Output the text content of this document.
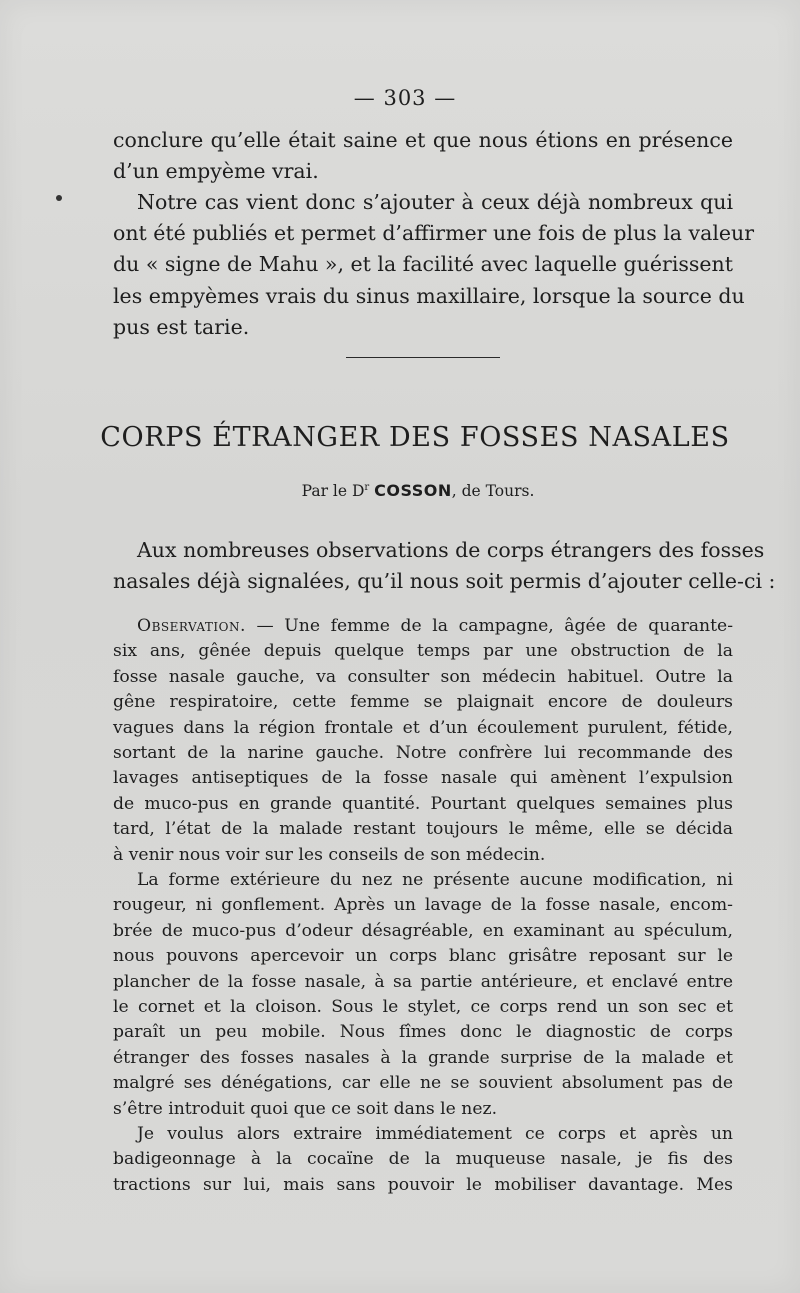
— 303 —

conclure qu’elle était saine et que nous étions en présence
d’un empyème vrai.

Notre cas vient donc s’ajouter à ceux déjà nombreux qui
ont été publiés et permet d’affirmer une fois de plus la valeur
du « signe de Mahu », et la facilité avec laquelle guérissent
les empyèmes vrais du sinus maxillaire, lorsque la source du
pus est tarie.

CORPS ÉTRANGER DES FOSSES NASALES
Par le $D^r$ COSSON, de Tours.

Aux nombreuses observations de corps étrangers des fosses
nasales déjà signalées, qu’il nous soit permis d’ajouter celle-ci :

Observation. — Une femme de la campagne, âgée de quarante-
six ans, gênée depuis quelque temps par une obstruction de la
fosse nasale gauche, va consulter son médecin habituel. Outre la
gêne respiratoire, cette femme se plaignait encore de douleurs
vagues dans la région frontale et d’un écoulement purulent, fétide,
sortant de la narine gauche. Notre confrère lui recommande des
lavages antiseptiques de la fosse nasale qui amènent l’expulsion
de muco-pus en grande quantité. Pourtant quelques semaines plus
tard, l’état de la malade restant toujours le même, elle se décida
à venir nous voir sur les conseils de son médecin.

La forme extérieure du nez ne présente aucune modification, ni
rougeur, ni gonflement. Après un lavage de la fosse nasale, encom-
brée de muco-pus d’odeur désagréable, en examinant au spéculum,
nous pouvons apercevoir un corps blanc grisâtre reposant sur le
plancher de la fosse nasale, à sa partie antérieure, et enclavé entre
le cornet et la cloison. Sous le stylet, ce corps rend un son sec et
paraît un peu mobile. Nous fîmes donc le diagnostic de corps
étranger des fosses nasales à la grande surprise de la malade et
malgré ses dénégations, car elle ne se souvient absolument pas de
s’être introduit quoi que ce soit dans le nez.

Je voulus alors extraire immédiatement ce corps et après un
badigeonnage à la cocaïne de la muqueuse nasale, je fis des
tractions sur lui, mais sans pouvoir le mobiliser davantage. Mes
